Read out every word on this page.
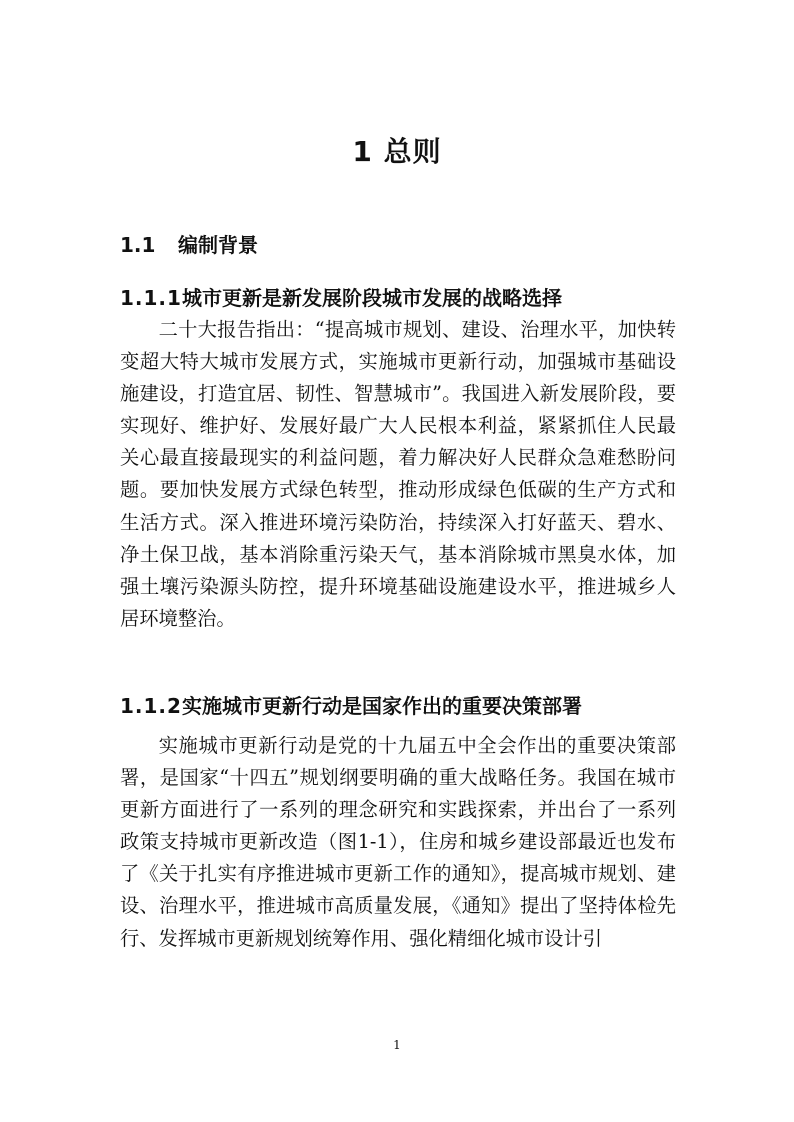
1 总则
1.1 编制背景
1.1.1城市更新是新发展阶段城市发展的战略选择

二十大报告指出：“提高城市规划、建设、治理水平，加快转变超大特大城市发展方式，实施城市更新行动，加强城市基础设施建设，打造宜居、韧性、智慧城市”。我国进入新发展阶段，要实现好、维护好、发展好最广大人民根本利益，紧紧抓住人民最关心最直接最现实的利益问题，着力解决好人民群众急难愁盼问题。要加快发展方式绿色转型，推动形成绿色低碳的生产方式和生活方式。深入推进环境污染防治，持续深入打好蓝天、碧水、净土保卫战，基本消除重污染天气，基本消除城市黑臭水体，加强土壤污染源头防控，提升环境基础设施建设水平，推进城乡人居环境整治。

1.1.2实施城市更新行动是国家作出的重要决策部署

实施城市更新行动是党的十九届五中全会作出的重要决策部署，是国家“十四五”规划纲要明确的重大战略任务。我国在城市更新方面进行了一系列的理念研究和实践探索，并出台了一系列政策支持城市更新改造（图1-1），住房和城乡建设部最近也发布了《关于扎实有序推进城市更新工作的通知》，提高城市规划、建设、治理水平，推进城市高质量发展，《通知》提出了坚持体检先行、发挥城市更新规划统筹作用、强化精细化城市设计引

1
